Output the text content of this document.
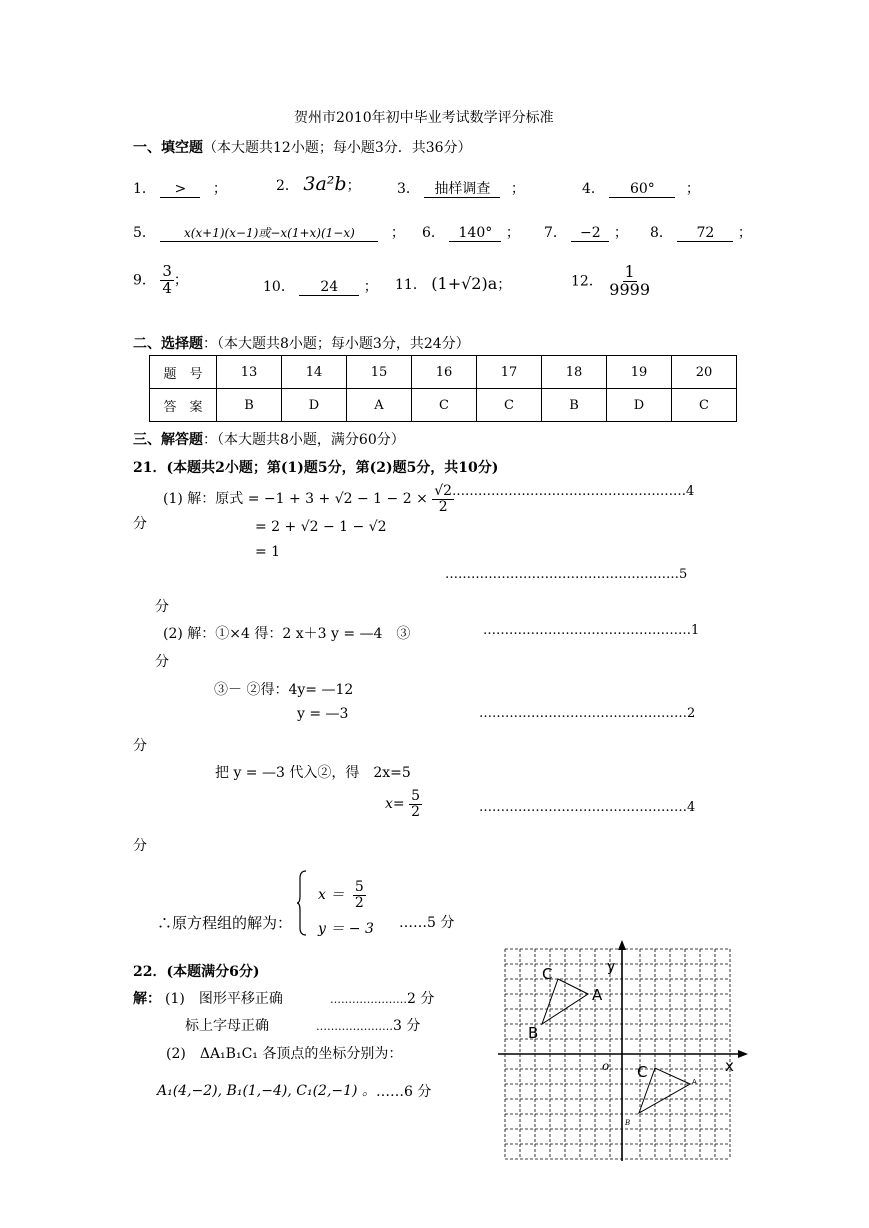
贺州市2010年初中毕业考试数学评分标准
一、填空题（本大题共12小题；每小题3分．共36分）
1． > ；	2． 3a²b；	3． 抽样调查 ；	4． 60° ；
5． x(x+1)(x−1)或−x(1+x)(1−x)	； 6． 140° ； 7． −2 ； 8． 72 ；
9． $\frac{3}{4}$ ；	10． 24 ； 11． (1+√2)a；	12． $\frac{1}{9999}$
二、选择题：（本大题共8小题；每小题3分，共24分）
题　号	13	14	15	16	17	18	19	20
答　案	B	D	A	C	C	B	D	C
三、解答题：（本大题共8小题，满分60分）
21．(本题共2小题；第(1)题5分，第(2)题5分，共10分)
(1) 解：原式 = $-1 + 3 + √2 - 1 - 2 \times \frac{√2}{2}$
………………………………………………4
分	= 2 + √2 − 1 − √2
= 1
………………………………………………5
分
(2) 解：①×4 得：2 x＋3 y = —4　③	…………………………………………1
分
③－ ②得：4y= —12
y = —3	…………………………………………2
分
把 y = —3 代入②，得　2x=5
$x= \frac{5}{2}$	…………………………………………4
分
∴原方程组的解为：
$x = \frac{5}{2}$
y ＝ − 3 ……5 分
22．(本题满分6分)
解： (1)　图形平移正确	…………………2 分
标上字母正确	…………………3 分
(2)　ΔA₁B₁C₁ 各顶点的坐标分别为：
A₁(4,−2), B₁(1,−4), C₁(2,−1) 。 ……6 分
x
y
o
A
B
C
C
A
B
